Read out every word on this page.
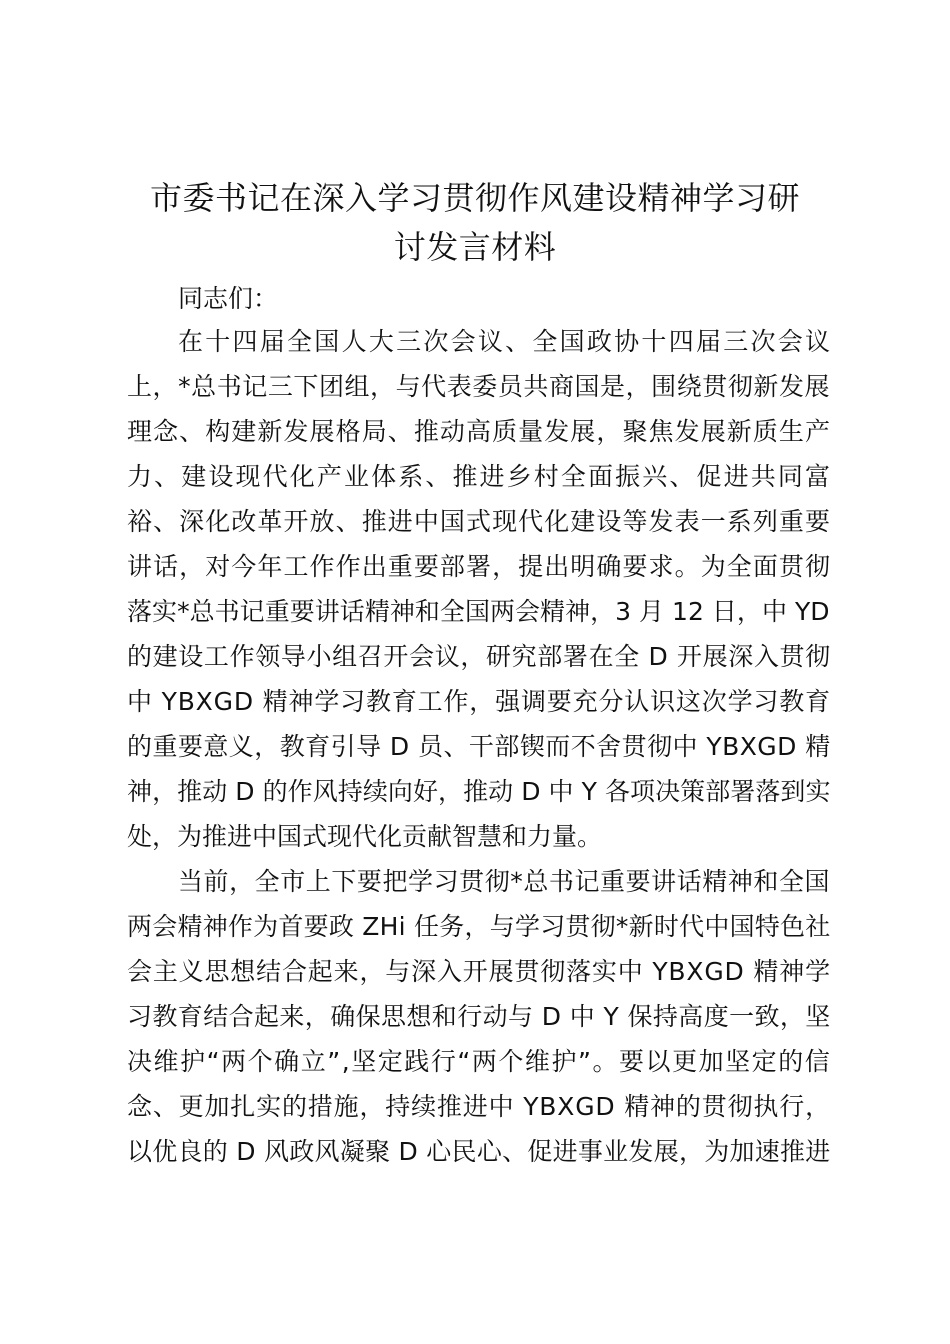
市委书记在深入学习贯彻作风建设精神学习研
讨发言材料

同志们：

在十四届全国人大三次会议、全国政协十四届三次会议

上，*总书记三下团组，与代表委员共商国是，围绕贯彻新发展

理念、构建新发展格局、推动高质量发展，聚焦发展新质生产

力、建设现代化产业体系、推进乡村全面振兴、促进共同富

裕、深化改革开放、推进中国式现代化建设等发表一系列重要

讲话，对今年工作作出重要部署，提出明确要求。为全面贯彻

落实*总书记重要讲话精神和全国两会精神，3 月 12 日，中 YD

的建设工作领导小组召开会议，研究部署在全 D 开展深入贯彻

中 YBXGD 精神学习教育工作，强调要充分认识这次学习教育

的重要意义，教育引导 D 员、干部锲而不舍贯彻中 YBXGD 精

神，推动 D 的作风持续向好，推动 D 中 Y 各项决策部署落到实

处，为推进中国式现代化贡献智慧和力量。

当前，全市上下要把学习贯彻*总书记重要讲话精神和全国

两会精神作为首要政 ZHi 任务，与学习贯彻*新时代中国特色社

会主义思想结合起来，与深入开展贯彻落实中 YBXGD 精神学

习教育结合起来，确保思想和行动与 D 中 Y 保持高度一致，坚

决维护“两个确立”,坚定践行“两个维护”。要以更加坚定的信

念、更加扎实的措施，持续推进中 YBXGD 精神的贯彻执行，

以优良的 D 风政风凝聚 D 心民心、促进事业发展，为加速推进
